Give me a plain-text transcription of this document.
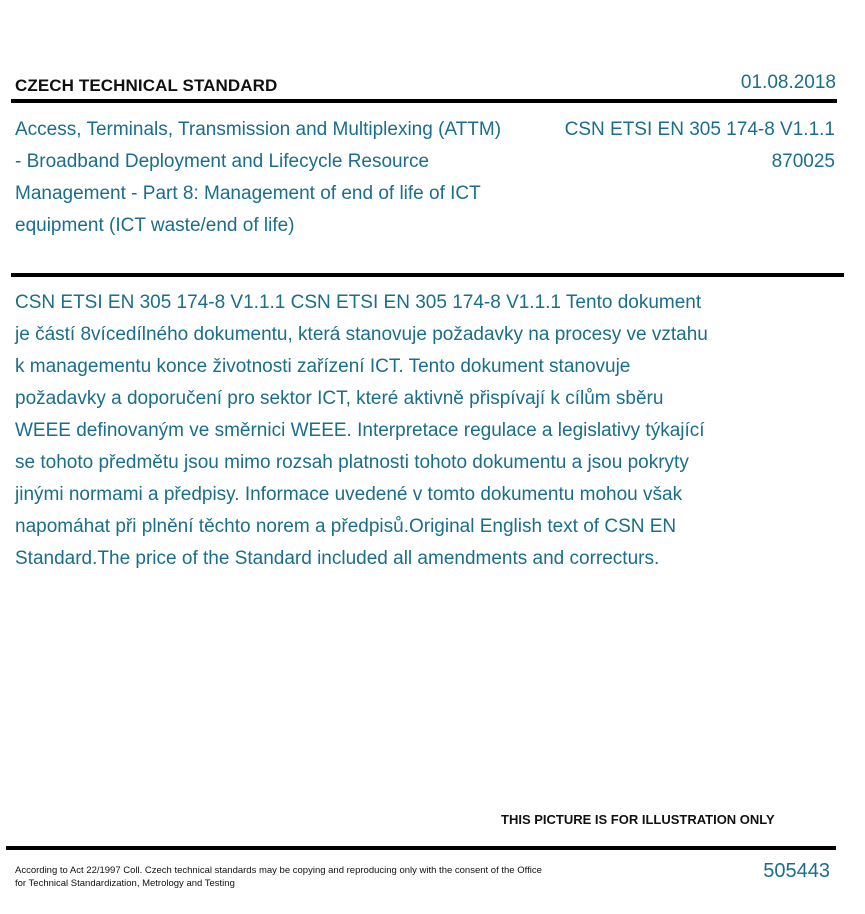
CZECH TECHNICAL STANDARD	01.08.2018
Access, Terminals, Transmission and Multiplexing (ATTM) - Broadband Deployment and Lifecycle Resource Management - Part 8: Management of end of life of ICT equipment (ICT waste/end of life)
CSN ETSI EN 305 174-8 V1.1.1
870025
CSN ETSI EN 305 174-8 V1.1.1 CSN ETSI EN 305 174-8 V1.1.1 Tento dokument je částí 8vícedílného dokumentu, která stanovuje požadavky na procesy ve vztahu k managementu konce životnosti zařízení ICT. Tento dokument stanovuje požadavky a doporučení pro sektor ICT, které aktivně přispívají k cílům sběru WEEE definovaným ve směrnici WEEE. Interpretace regulace a legislativy týkající se tohoto předmětu jsou mimo rozsah platnosti tohoto dokumentu a jsou pokryty jinými normami a předpisy. Informace uvedené v tomto dokumentu mohou však napomáhat při plnění těchto norem a předpisů.Original English text of CSN EN Standard.The price of the Standard included all amendments and correcturs.
THIS PICTURE IS FOR ILLUSTRATION ONLY
According to Act 22/1997 Coll. Czech technical standards may be copying and reproducing only with the consent of the Office
for Technical Standardization, Metrology and Testing
505443
